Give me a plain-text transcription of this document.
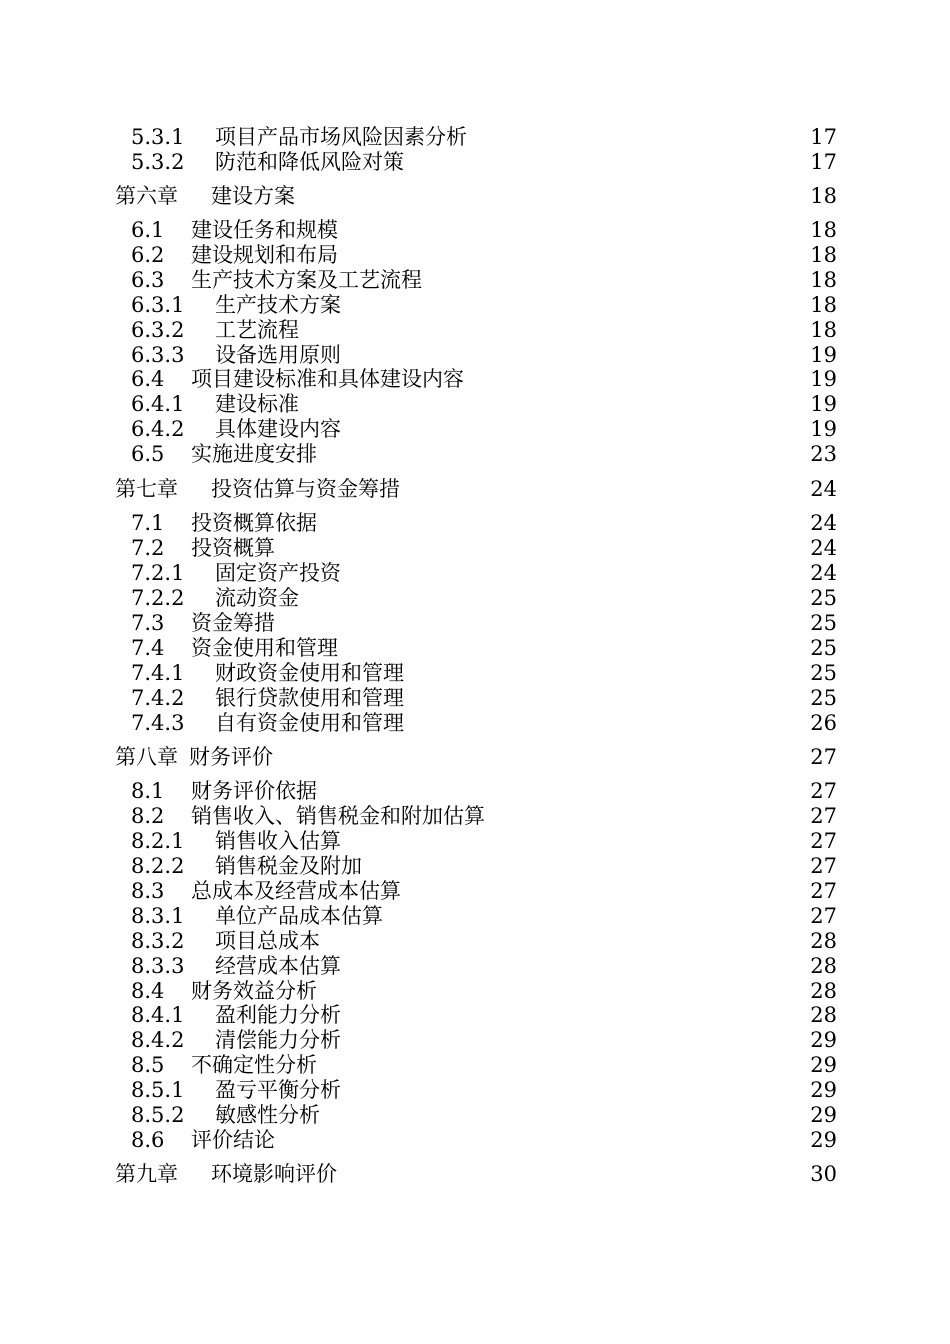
5.3.1 项目产品市场风险因素分析	17
5.3.2 防范和降低风险对策	17
第六章 建设方案	18
6.1 建设任务和规模	18
6.2 建设规划和布局	18
6.3 生产技术方案及工艺流程	18
6.3.1 生产技术方案	18
6.3.2 工艺流程	18
6.3.3 设备选用原则	19
6.4 项目建设标准和具体建设内容	19
6.4.1 建设标准	19
6.4.2 具体建设内容	19
6.5 实施进度安排	23
第七章 投资估算与资金筹措	24
7.1 投资概算依据	24
7.2 投资概算	24
7.2.1 固定资产投资	24
7.2.2 流动资金	25
7.3 资金筹措	25
7.4 资金使用和管理	25
7.4.1 财政资金使用和管理	25
7.4.2 银行贷款使用和管理	25
7.4.3 自有资金使用和管理	26
第八章 财务评价	27
8.1 财务评价依据	27
8.2 销售收入、销售税金和附加估算	27
8.2.1 销售收入估算	27
8.2.2 销售税金及附加	27
8.3 总成本及经营成本估算	27
8.3.1 单位产品成本估算	27
8.3.2 项目总成本	28
8.3.3 经营成本估算	28
8.4 财务效益分析	28
8.4.1 盈利能力分析	28
8.4.2 清偿能力分析	29
8.5 不确定性分析	29
8.5.1 盈亏平衡分析	29
8.5.2 敏感性分析	29
8.6 评价结论	29
第九章 环境影响评价	30
